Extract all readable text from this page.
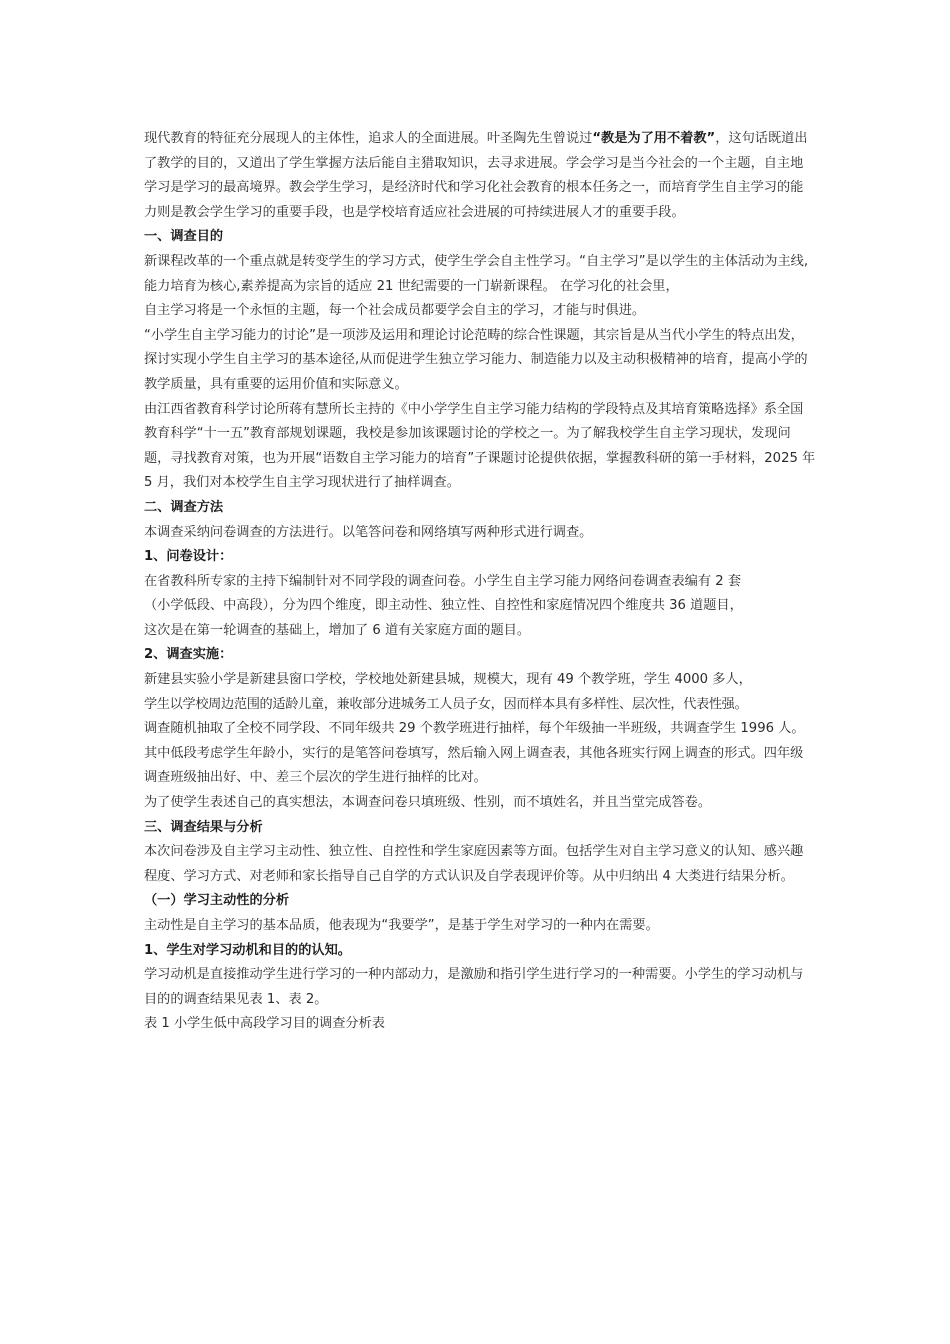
现代教育的特征充分展现人的主体性，追求人的全面进展。叶圣陶先生曾说过“教是为了用不着教”，这句话既道出了教学的目的，又道出了学生掌握方法后能自主猎取知识，去寻求进展。学会学习是当今社会的一个主题，自主地学习是学习的最高境界。教会学生学习，是经济时代和学习化社会教育的根本任务之一，而培育学生自主学习的能力则是教会学生学习的重要手段，也是学校培育适应社会进展的可持续进展人才的重要手段。

一、调查目的

新课程改革的一个重点就是转变学生的学习方式，使学生学会自主性学习。“自主学习”是以学生的主体活动为主线,能力培育为核心,素养提高为宗旨的适应 21 世纪需要的一门崭新课程。 在学习化的社会里，

自主学习将是一个永恒的主题，每一个社会成员都要学会自主的学习，才能与时俱进。

“小学生自主学习能力的讨论”是一项涉及运用和理论讨论范畴的综合性课题，其宗旨是从当代小学生的特点出发，探讨实现小学生自主学习的基本途径,从而促进学生独立学习能力、制造能力以及主动积极精神的培育，提高小学的教学质量，具有重要的运用价值和实际意义。

由江西省教育科学讨论所蒋有慧所长主持的《中小学学生自主学习能力结构的学段特点及其培育策略选择》系全国教育科学“十一五”教育部规划课题，我校是参加该课题讨论的学校之一。为了解我校学生自主学习现状，发现问题，寻找教育对策，也为开展“语数自主学习能力的培育”子课题讨论提供依据，掌握教科研的第一手材料，2025 年 5 月，我们对本校学生自主学习现状进行了抽样调查。

二、调查方法

本调查采纳问卷调查的方法进行。以笔答问卷和网络填写两种形式进行调查。

1、问卷设计：

在省教科所专家的主持下编制针对不同学段的调查问卷。小学生自主学习能力网络问卷调查表编有 2 套

（小学低段、中高段），分为四个维度，即主动性、独立性、自控性和家庭情况四个维度共 36 道题目，

这次是在第一轮调查的基础上，增加了 6 道有关家庭方面的题目。

2、调查实施：

新建县实验小学是新建县窗口学校，学校地处新建县城，规模大，现有 49 个教学班，学生 4000 多人，

学生以学校周边范围的适龄儿童，兼收部分进城务工人员子女，因而样本具有多样性、层次性，代表性强。

调查随机抽取了全校不同学段、不同年级共 29 个教学班进行抽样，每个年级抽一半班级，共调查学生 1996 人。其中低段考虑学生年龄小，实行的是笔答问卷填写，然后输入网上调查表，其他各班实行网上调查的形式。四年级调查班级抽出好、中、差三个层次的学生进行抽样的比对。

为了使学生表述自己的真实想法，本调查问卷只填班级、性别，而不填姓名，并且当堂完成答卷。

三、调查结果与分析

本次问卷涉及自主学习主动性、独立性、自控性和学生家庭因素等方面。包括学生对自主学习意义的认知、感兴趣程度、学习方式、对老师和家长指导自己自学的方式认识及自学表现评价等。从中归纳出 4 大类进行结果分析。

（一）学习主动性的分析

主动性是自主学习的基本品质，他表现为“我要学”，是基于学生对学习的一种内在需要。

1、学生对学习动机和目的的认知。

学习动机是直接推动学生进行学习的一种内部动力，是激励和指引学生进行学习的一种需要。小学生的学习动机与目的的调查结果见表 1、表 2。

表 1 小学生低中高段学习目的调查分析表
